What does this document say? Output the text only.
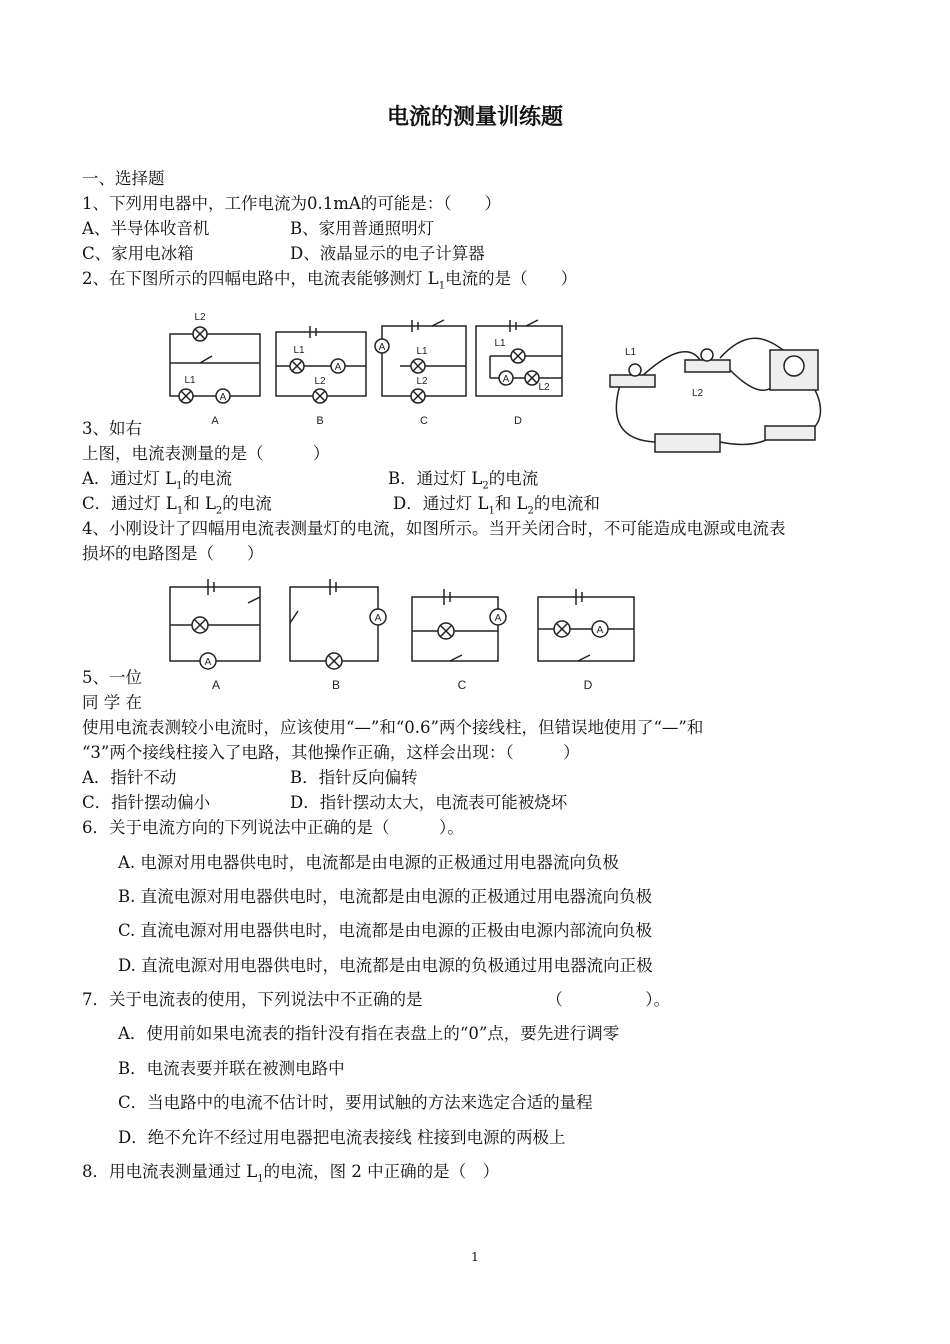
电流的测量训练题
一、选择题
1、下列用电器中，工作电流为0.1mA的可能是：（　　）
A、半导体收音机	B、家用普通照明灯
C、家用电冰箱	D、液晶显示的电子计算器
2、在下图所示的四幅电路中，电流表能够测灯 $L_1$电流的是（　　）
A
A
A
A
L2
L1
L1
L2
L1
L2
L1
L2
A	B	C	D
L1
L2
3、如右
上图，电流表测量的是（　　　）
A．通过灯 $L_1$的电流	B．通过灯 $L_2$的电流
C．通过灯 $L_1$和 $L_2$的电流	D．通过灯 $L_1$和 $L_2$的电流和
4、小刚设计了四幅用电流表测量灯的电流，如图所示。当开关闭合时，不可能造成电源或电流表
损坏的电路图是（　　）
A
A	A
A
A	B	C	D
5、一位
同 学 在
使用电流表测较小电流时，应该使用“—”和“0.6”两个接线柱，但错误地使用了“—”和
“3”两个接线柱接入了电路，其他操作正确，这样会出现：（　　　）
A．指针不动	B．指针反向偏转
C．指针摆动偏小	D．指针摆动太大，电流表可能被烧坏
6．关于电流方向的下列说法中正确的是（　　　）。
A. 电源对用电器供电时，电流都是由电源的正极通过用电器流向负极
B. 直流电源对用电器供电时，电流都是由电源的正极通过用电器流向负极
C. 直流电源对用电器供电时，电流都是由电源的正极由电源内部流向负极
D. 直流电源对用电器供电时，电流都是由电源的负极通过用电器流向正极
7．关于电流表的使用，下列说法中不正确的是　　　　　　　　（　　　　　）。
A．使用前如果电流表的指针没有指在表盘上的“0”点，要先进行调零
B．电流表要并联在被测电路中
C．当电路中的电流不估计时，要用试触的方法来选定合适的量程
D．绝不允许不经过用电器把电流表接线 柱接到电源的两极上
8．用电流表测量通过 $L_1$的电流，图 2 中正确的是（　）
1
